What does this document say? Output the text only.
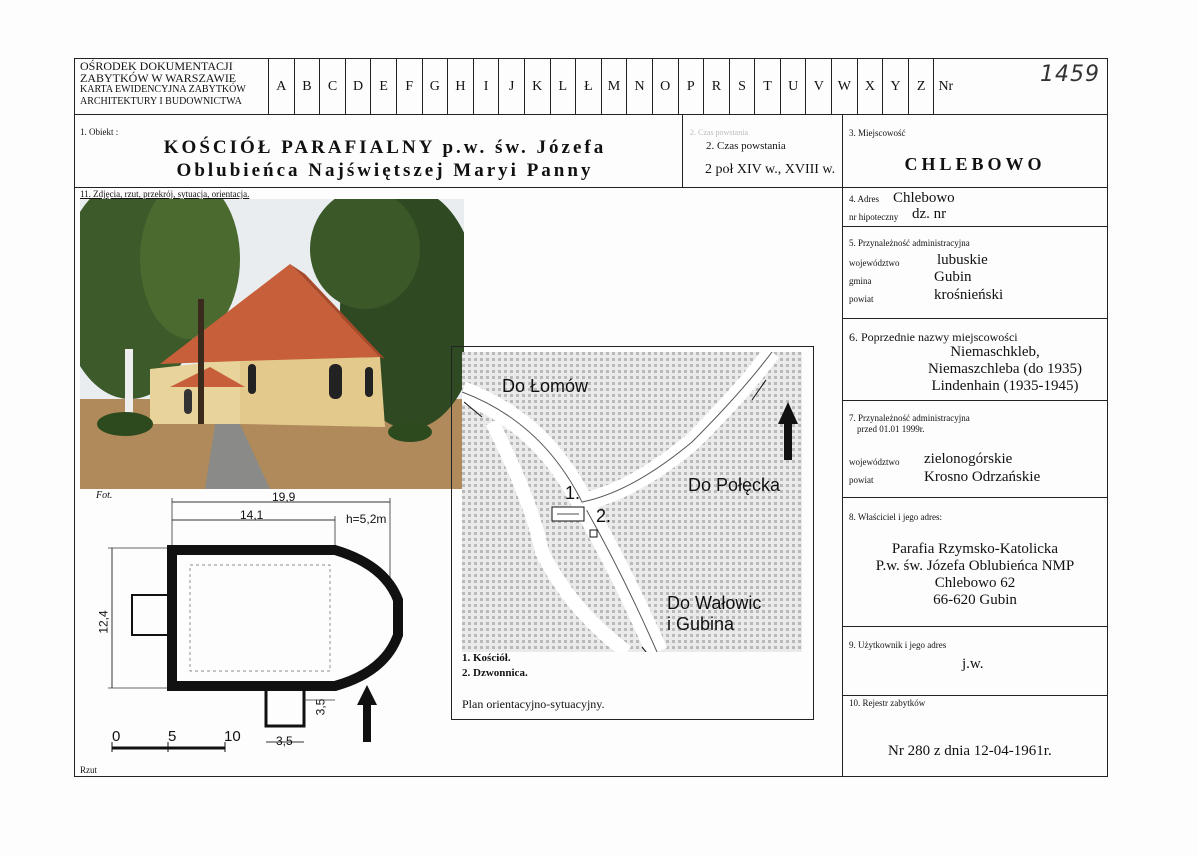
OŚRODEK DOKUMENTACJI
ZABYTKÓW W WARSZAWIE
KARTA EWIDENCYJNA ZABYTKÓW
ARCHITEKTURY I BUDOWNICTWA
A	B	C	D	E	F	G	H	I	J	K	L	Ł	M	N	O	P	R	S	T	U	V W X	Y	Z Nr	1459
1. Obiekt :
KOŚCIÓŁ PARAFIALNY p.w. św. Józefa
Oblubieńca Najświętszej Maryi Panny
2. Czas powstania
2. Czas powstania
2 poł XIV w., XVIII w.
3. Miejscowość
CHLEBOWO
4. Adres Chlebowo
nr hipoteczny dz. nr
5. Przynależność administracyjna
województwo	lubuskie
gmina	Gubin
powiat	krośnieński
6. Poprzednie nazwy miejscowości
Niemaschkleb,
Niemaszchleba (do 1935)
Lindenhain (1935-1945)
7. Przynależność administracyjna
przed 01.01 1999r.
województwo zielonogórskie
powiat	Krosno Odrzańskie
8. Właściciel i jego adres:
Parafia Rzymsko-Katolicka
P.w. św. Józefa Oblubieńca NMP
Chlebowo 62
66-620 Gubin
9. Użytkownik i jego adres
j.w.
10. Rejestr zabytków
Nr 280 z dnia 12-04-1961r.
11. Zdjęcia, rzut, przekrój, sytuacja, orientacja.
Fot.	19,9
14,1	h=5,2m
12,4
3,5
3,5
0	5	10
Rzut
Do Łomów
Do Połęcka
Do Wałowic
i Gubina
1.
2.
1. Kościół.
2. Dzwonnica.
Plan orientacyjno-sytuacyjny.
